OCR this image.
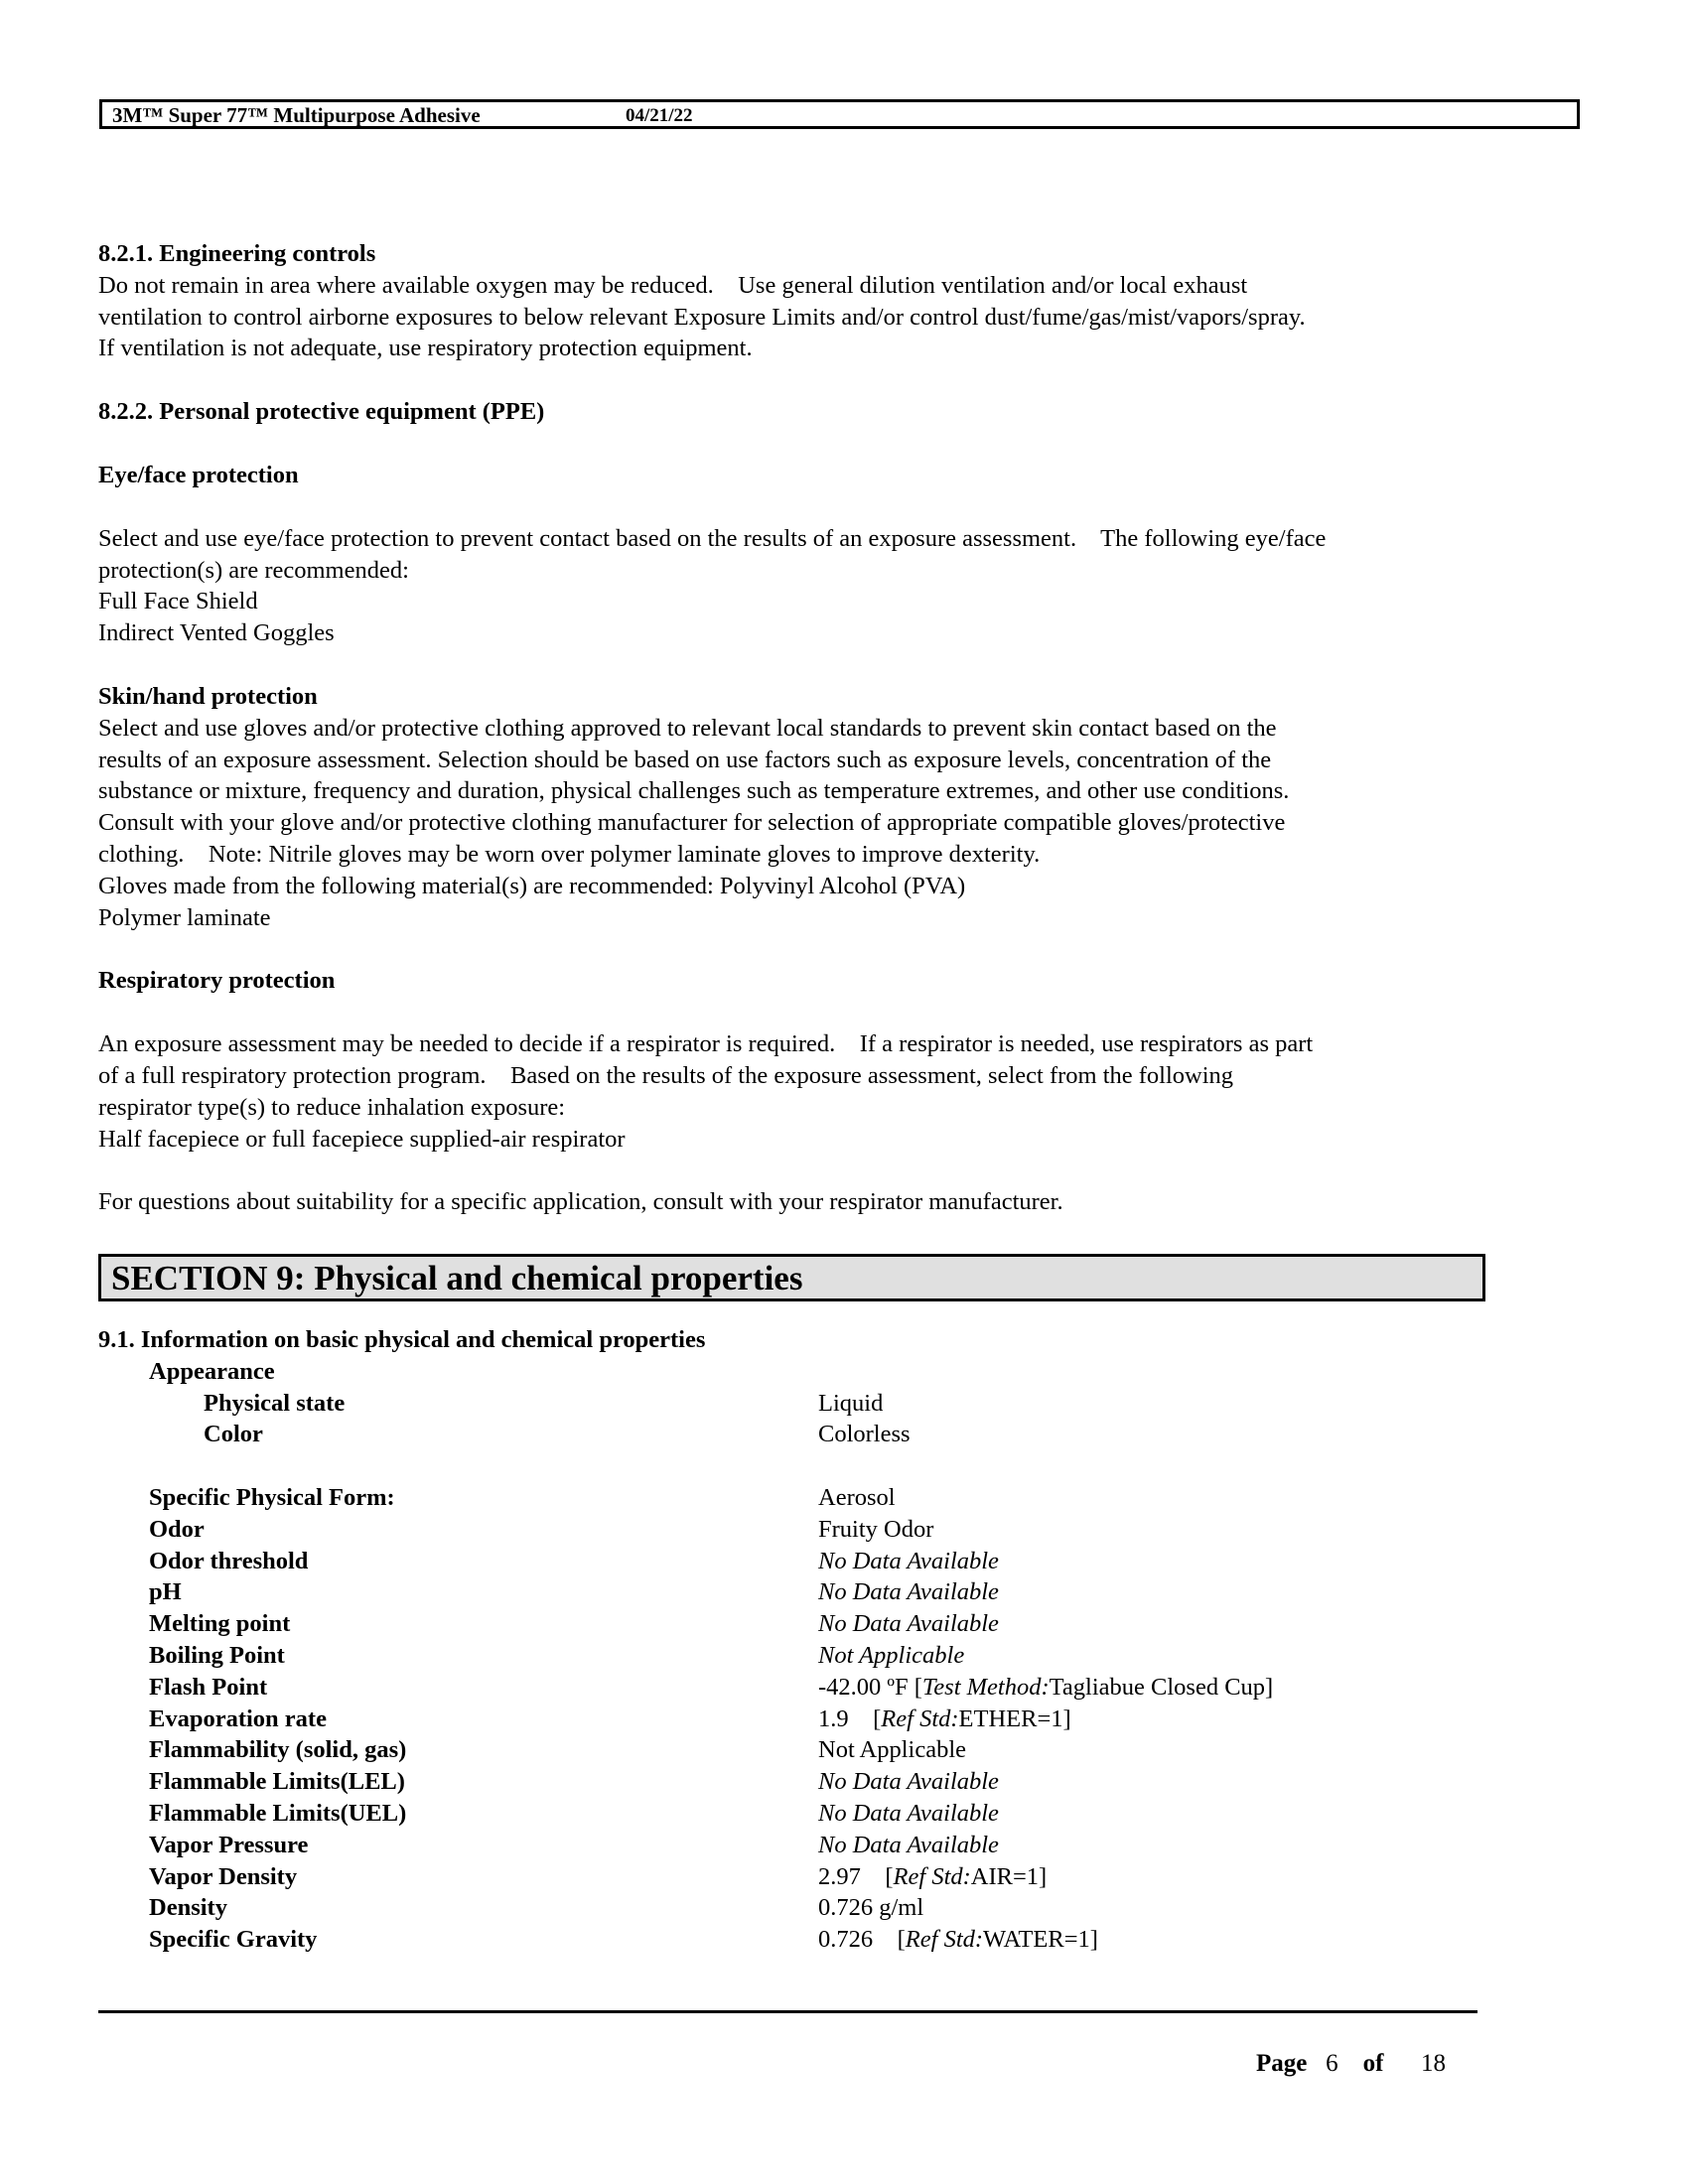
3M™ Super 77™ Multipurpose Adhesive	04/21/22

8.2.1. Engineering controls

Do not remain in area where available oxygen may be reduced.    Use general dilution ventilation and/or local exhaust

ventilation to control airborne exposures to below relevant Exposure Limits and/or control dust/fume/gas/mist/vapors/spray.

If ventilation is not adequate, use respiratory protection equipment.

8.2.2. Personal protective equipment (PPE)

Eye/face protection

Select and use eye/face protection to prevent contact based on the results of an exposure assessment.    The following eye/face

protection(s) are recommended:

Full Face Shield

Indirect Vented Goggles

Skin/hand protection

Select and use gloves and/or protective clothing approved to relevant local standards to prevent skin contact based on the

results of an exposure assessment. Selection should be based on use factors such as exposure levels, concentration of the

substance or mixture, frequency and duration, physical challenges such as temperature extremes, and other use conditions.

Consult with your glove and/or protective clothing manufacturer for selection of appropriate compatible gloves/protective

clothing.    Note: Nitrile gloves may be worn over polymer laminate gloves to improve dexterity.

Gloves made from the following material(s) are recommended: Polyvinyl Alcohol (PVA)

Polymer laminate

Respiratory protection

An exposure assessment may be needed to decide if a respirator is required.    If a respirator is needed, use respirators as part

of a full respiratory protection program.    Based on the results of the exposure assessment, select from the following

respirator type(s) to reduce inhalation exposure:

Half facepiece or full facepiece supplied-air respirator

For questions about suitability for a specific application, consult with your respirator manufacturer.

SECTION 9: Physical and chemical properties
9.1. Information on basic physical and chemical properties
Appearance
Physical state	Liquid
Color	Colorless
Specific Physical Form:	Aerosol
Odor	Fruity Odor
Odor threshold	No Data Available
pH	No Data Available
Melting point	No Data Available
Boiling Point	Not Applicable
Flash Point	-42.00 ºF [Test Method:Tagliabue Closed Cup]
Evaporation rate	1.9    [Ref Std:ETHER=1]
Flammability (solid, gas)	Not Applicable
Flammable Limits(LEL)	No Data Available
Flammable Limits(UEL)	No Data Available
Vapor Pressure	No Data Available
Vapor Density	2.97    [Ref Std:AIR=1]
Density	0.726 g/ml
Specific Gravity	0.726    [Ref Std:WATER=1]
Page 6 of 18
